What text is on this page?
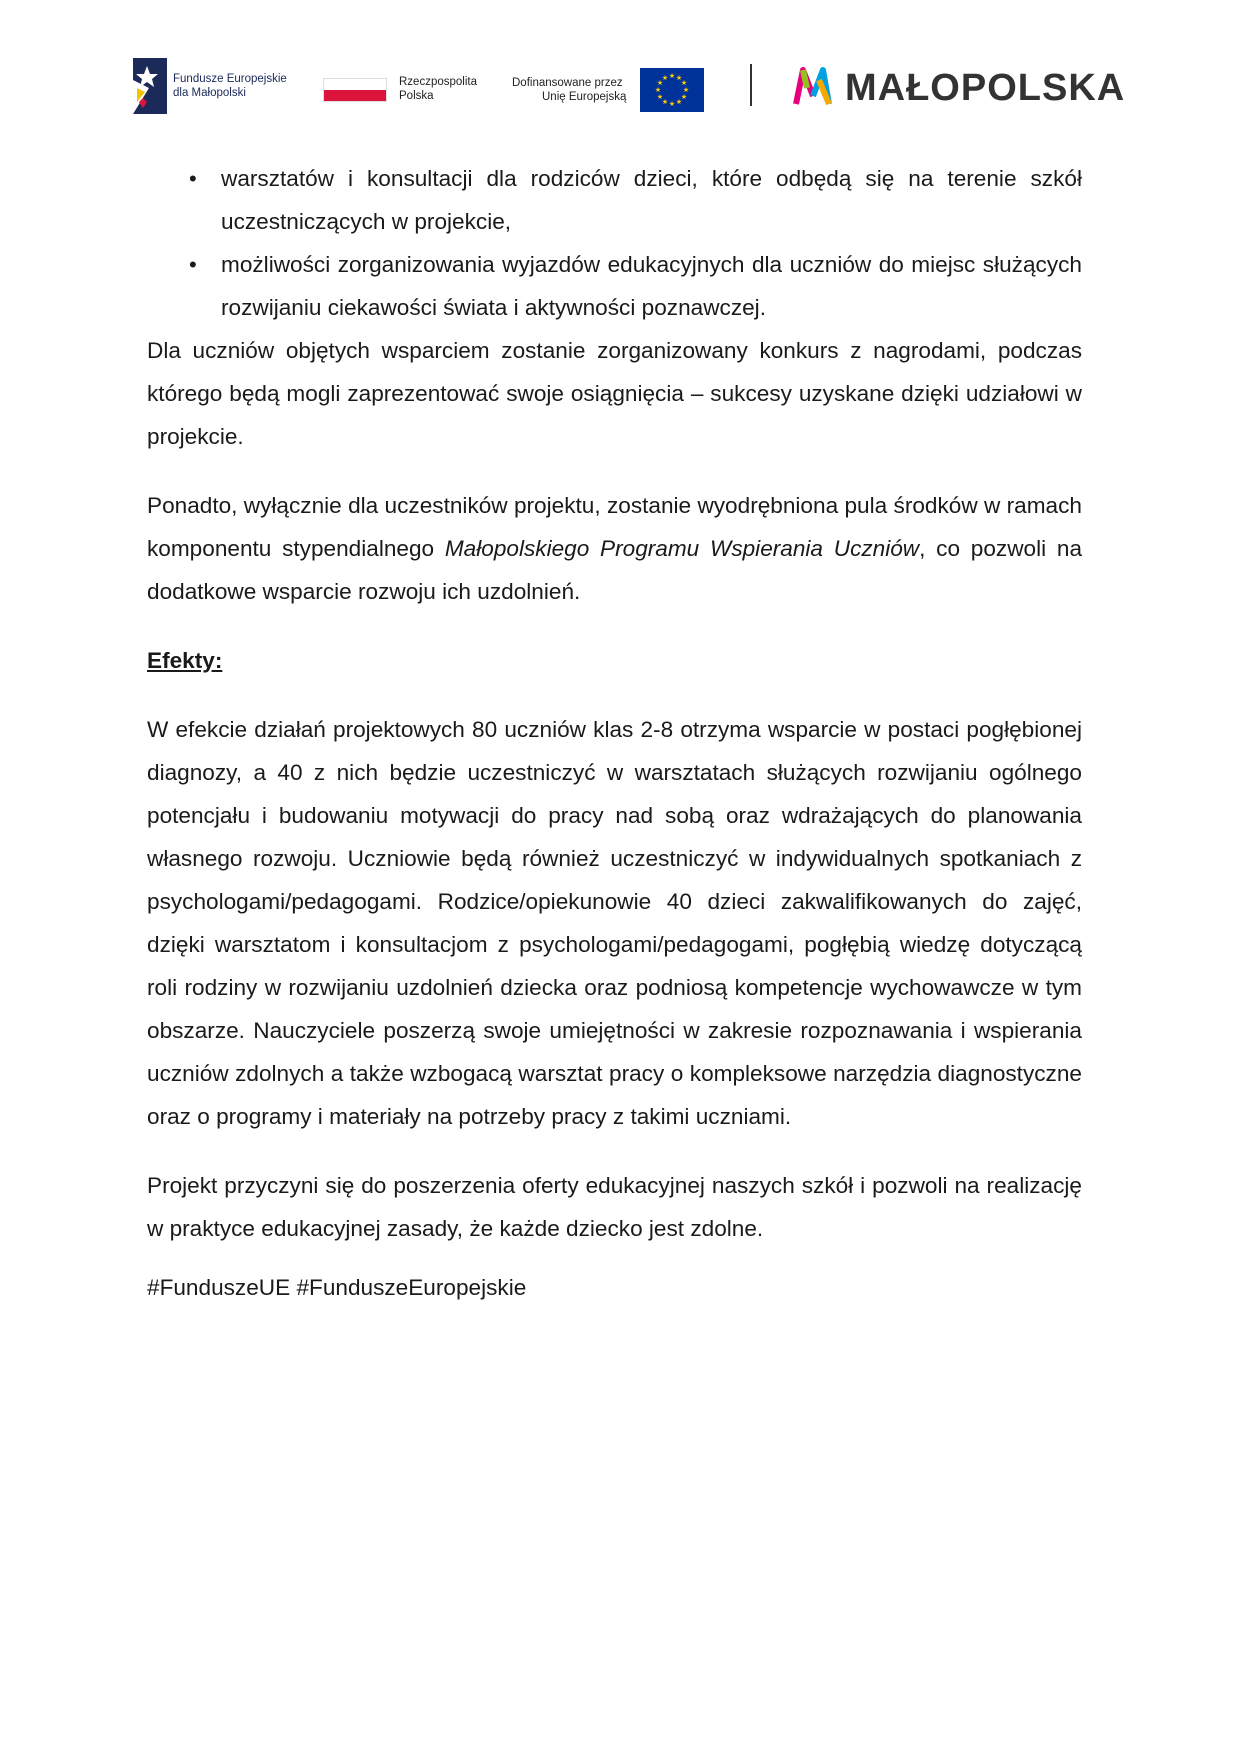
Fundusze Europejskie
dla Małopolski
Rzeczpospolita
Polska
Dofinansowane przez
Unię Europejską
★ ★
★
★
★
★
★
★
★
★
★
★	MAŁOPOLSKA
• warsztatów i konsultacji dla rodziców dzieci, które odbędą się na terenie szkół uczestniczących w projekcie,
• możliwości zorganizowania wyjazdów edukacyjnych dla uczniów do miejsc służących rozwijaniu ciekawości świata i aktywności poznawczej.

Dla uczniów objętych wsparciem zostanie zorganizowany konkurs z nagrodami, podczas którego będą mogli zaprezentować swoje osiągnięcia – sukcesy uzyskane dzięki udziałowi w projekcie.

Ponadto, wyłącznie dla uczestników projektu, zostanie wyodrębniona pula środków w ramach komponentu stypendialnego Małopolskiego Programu Wspierania Uczniów, co pozwoli na dodatkowe wsparcie rozwoju ich uzdolnień.

Efekty:

W efekcie działań projektowych 80 uczniów klas 2-8 otrzyma wsparcie w postaci pogłębionej diagnozy, a 40 z nich będzie uczestniczyć w warsztatach służących rozwijaniu ogólnego potencjału i budowaniu motywacji do pracy nad sobą oraz wdrażających do planowania własnego rozwoju. Uczniowie będą również uczestniczyć w indywidualnych spotkaniach z psychologami/pedagogami. Rodzice/opiekunowie 40 dzieci zakwalifikowanych do zajęć, dzięki warsztatom i konsultacjom z psychologami/pedagogami, pogłębią wiedzę dotyczącą roli rodziny w rozwijaniu uzdolnień dziecka oraz podniosą kompetencje wychowawcze w tym obszarze. Nauczyciele poszerzą swoje umiejętności w zakresie rozpoznawania i wspierania uczniów zdolnych a także wzbogacą warsztat pracy o kompleksowe narzędzia diagnostyczne oraz o programy i materiały na potrzeby pracy z takimi uczniami.

Projekt przyczyni się do poszerzenia oferty edukacyjnej naszych szkół i pozwoli na realizację w praktyce edukacyjnej zasady, że każde dziecko jest zdolne.

#FunduszeUE #FunduszeEuropejskie
